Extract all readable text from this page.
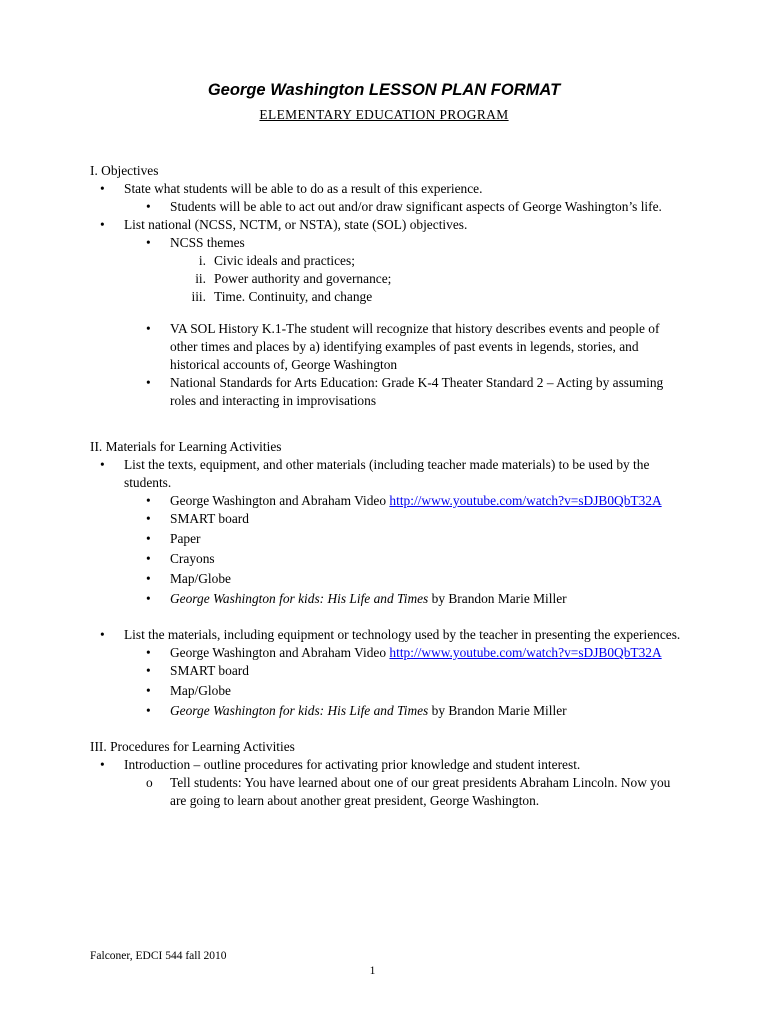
George Washington LESSON PLAN FORMAT
ELEMENTARY EDUCATION PROGRAM
I. Objectives
• State what students will be able to do as a result of this experience.
• Students will be able to act out and/or draw significant aspects of George Washington’s life.
• List national (NCSS, NCTM, or NSTA), state (SOL) objectives.
• NCSS themes
i. Civic ideals and practices;
ii. Power authority and governance;
iii. Time. Continuity, and change
• VA SOL History K.1-The student will recognize that history describes events and people of other times and places by a) identifying examples of past events in legends, stories, and historical accounts of, George Washington
• National Standards for Arts Education: Grade K-4 Theater Standard 2 – Acting by assuming roles and interacting in improvisations
II. Materials for Learning Activities
• List the texts, equipment, and other materials (including teacher made materials) to be used by the students.
• George Washington and Abraham Video http://www.youtube.com/watch?v=sDJB0QbT32A
• SMART board
• Paper
• Crayons
• Map/Globe
• George Washington for kids: His Life and Times by Brandon Marie Miller
• List the materials, including equipment or technology used by the teacher in presenting the experiences.
• George Washington and Abraham Video http://www.youtube.com/watch?v=sDJB0QbT32A
• SMART board
• Map/Globe
• George Washington for kids: His Life and Times by Brandon Marie Miller
III. Procedures for Learning Activities
• Introduction – outline procedures for activating prior knowledge and student interest.
o Tell students: You have learned about one of our great presidents Abraham Lincoln. Now you are going to learn about another great president, George Washington.
Falconer, EDCI 544 fall 2010
1
